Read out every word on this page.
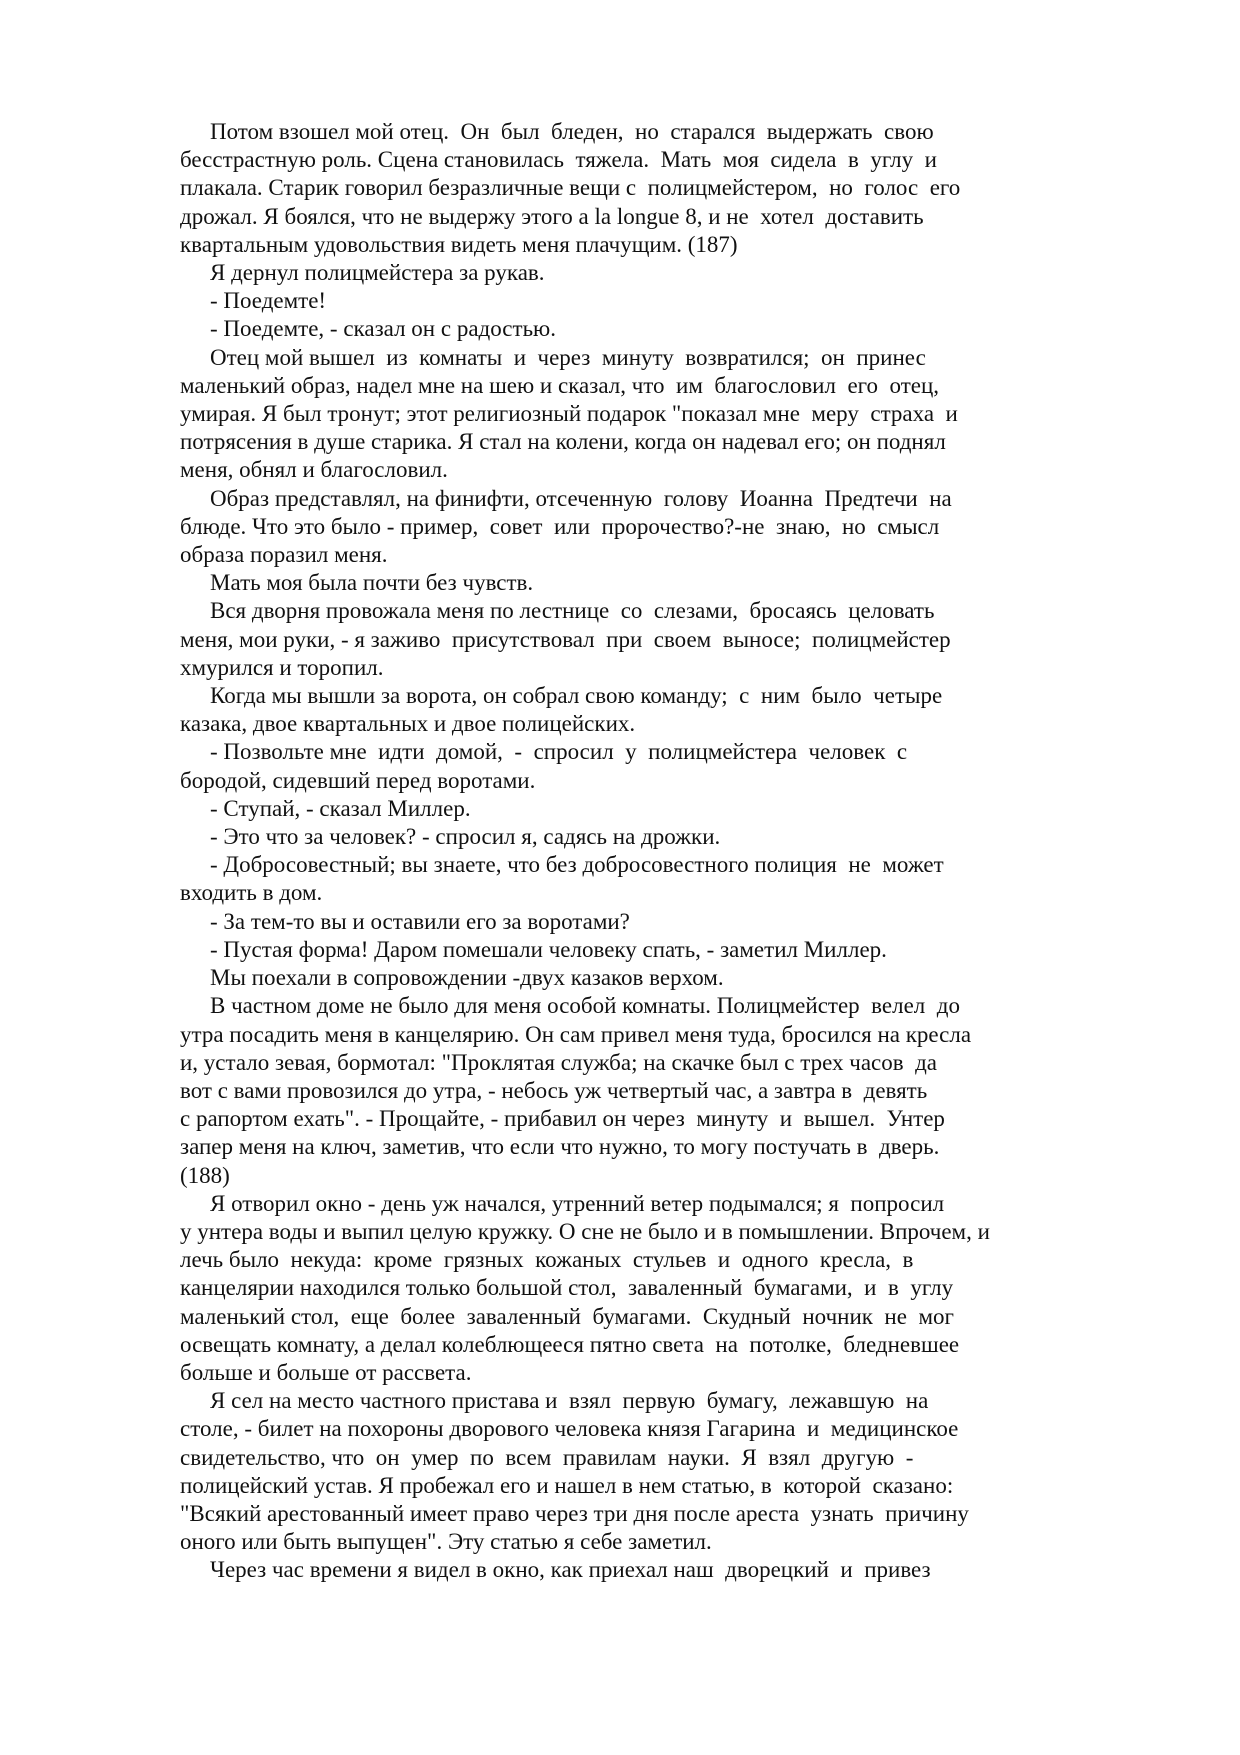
Потом взошел мой отец.  Он  был  бледен,  но  старался  выдержать  свою
бесстрастную роль. Сцена становилась  тяжела.  Мать  моя  сидела  в  углу  и
плакала. Старик говорил безразличные вещи с  полицмейстером,  но  голос  его
дрожал. Я боялся, что не выдержу этого a la longue 8, и не  хотел  доставить
квартальным удовольствия видеть меня плачущим. (187)
Я дернул полицмейстера за рукав.
- Поедемте!
- Поедемте, - сказал он с радостью.
Отец мой вышел  из  комнаты  и  через  минуту  возвратился;  он  принес
маленький образ, надел мне на шею и сказал, что  им  благословил  его  отец,
умирая. Я был тронут; этот религиозный подарок "показал мне  меру  страха  и
потрясения в душе старика. Я стал на колени, когда он надевал его; он поднял
меня, обнял и благословил.
Образ представлял, на финифти, отсеченную  голову  Иоанна  Предтечи  на
блюде. Что это было - пример,  совет  или  пророчество?-не  знаю,  но  смысл
образа поразил меня.
Мать моя была почти без чувств.
Вся дворня провожала меня по лестнице  со  слезами,  бросаясь  целовать
меня, мои руки, - я заживо  присутствовал  при  своем  выносе;  полицмейстер
хмурился и торопил.
Когда мы вышли за ворота, он собрал свою команду;  с  ним  было  четыре
казака, двое квартальных и двое полицейских.
- Позвольте мне  идти  домой,  -  спросил  у  полицмейстера  человек  с
бородой, сидевший перед воротами.
- Ступай, - сказал Миллер.
- Это что за человек? - спросил я, садясь на дрожки.
- Добросовестный; вы знаете, что без добросовестного полиция  не  может
входить в дом.
- За тем-то вы и оставили его за воротами?
- Пустая форма! Даром помешали человеку спать, - заметил Миллер.
Мы поехали в сопровождении -двух казаков верхом.
В частном доме не было для меня особой комнаты. Полицмейстер  велел  до
утра посадить меня в канцелярию. Он сам привел меня туда, бросился на кресла
и, устало зевая, бормотал: "Проклятая служба; на скачке был с трех часов  да
вот с вами провозился до утра, - небось уж четвертый час, а завтра в  девять
с рапортом ехать". - Прощайте, - прибавил он через  минуту  и  вышел.  Унтер
запер меня на ключ, заметив, что если что нужно, то могу постучать в  дверь.
(188)
Я отворил окно - день уж начался, утренний ветер подымался; я  попросил
у унтера воды и выпил целую кружку. О сне не было и в помышлении. Впрочем, и
лечь было  некуда:  кроме  грязных  кожаных  стульев  и  одного  кресла,  в
канцелярии находился только большой стол,  заваленный  бумагами,  и  в  углу
маленький стол,  еще  более  заваленный  бумагами.  Скудный  ночник  не  мог
освещать комнату, а делал колеблющееся пятно света  на  потолке,  бледневшее
больше и больше от рассвета.
Я сел на место частного пристава и  взял  первую  бумагу,  лежавшую  на
столе, - билет на похороны дворового человека князя Гагарина  и  медицинское
свидетельство, что  он  умер  по  всем  правилам  науки.  Я  взял  другую  -
полицейский устав. Я пробежал его и нашел в нем статью, в  которой  сказано:
"Всякий арестованный имеет право через три дня после ареста  узнать  причину
оного или быть выпущен". Эту статью я себе заметил.
Через час времени я видел в окно, как приехал наш  дворецкий  и  привез
